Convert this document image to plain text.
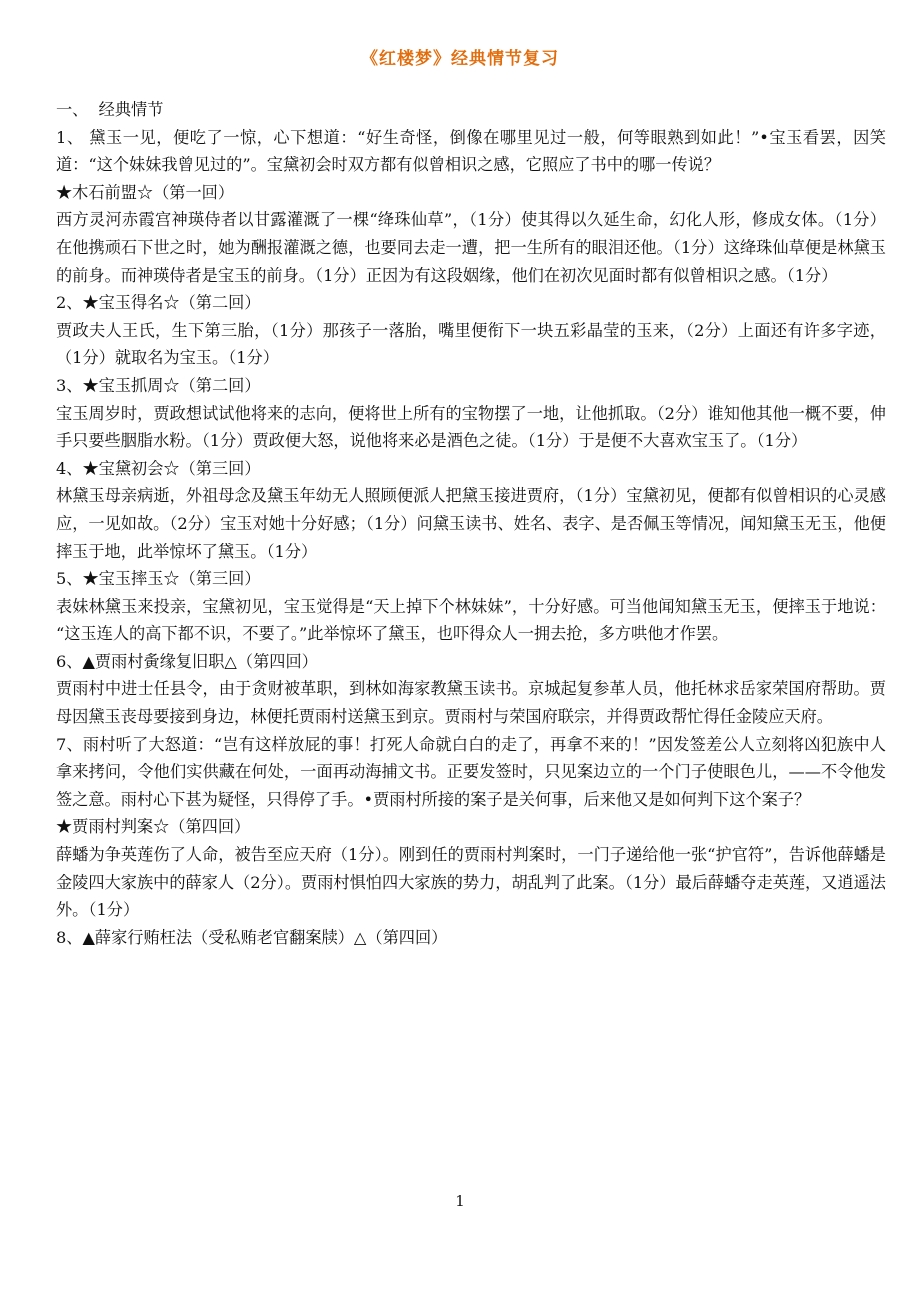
《红楼梦》经典情节复习

一、  经典情节

1、 黛玉一见，便吃了一惊，心下想道：“好生奇怪，倒像在哪里见过一般，何等眼熟到如此！”•宝玉看罢，因笑道：“这个妹妹我曾见过的”。宝黛初会时双方都有似曾相识之感，它照应了书中的哪一传说？

★木石前盟☆（第一回）

西方灵河赤霞宫神瑛侍者以甘露灌溉了一棵“绛珠仙草”，（1分）使其得以久延生命，幻化人形，修成女体。（1分）在他携顽石下世之时，她为酬报灌溉之德，也要同去走一遭，把一生所有的眼泪还他。（1分）这绛珠仙草便是林黛玉的前身。而神瑛侍者是宝玉的前身。（1分）正因为有这段姻缘，他们在初次见面时都有似曾相识之感。（1分）

2、★宝玉得名☆（第二回）

贾政夫人王氏，生下第三胎，（1分）那孩子一落胎，嘴里便衔下一块五彩晶莹的玉来，（2分）上面还有许多字迹，（1分）就取名为宝玉。（1分）

3、★宝玉抓周☆（第二回）

宝玉周岁时，贾政想试试他将来的志向，便将世上所有的宝物摆了一地，让他抓取。（2分）谁知他其他一概不要，伸手只要些胭脂水粉。（1分）贾政便大怒，说他将来必是酒色之徒。（1分）于是便不大喜欢宝玉了。（1分）

4、★宝黛初会☆（第三回）

林黛玉母亲病逝，外祖母念及黛玉年幼无人照顾便派人把黛玉接进贾府，（1分）宝黛初见，便都有似曾相识的心灵感应，一见如故。（2分）宝玉对她十分好感；（1分）问黛玉读书、姓名、表字、是否佩玉等情况，闻知黛玉无玉，他便摔玉于地，此举惊坏了黛玉。（1分）

5、★宝玉摔玉☆（第三回）

表妹林黛玉来投亲，宝黛初见，宝玉觉得是“天上掉下个林妹妹”，十分好感。可当他闻知黛玉无玉，便摔玉于地说： “这玉连人的高下都不识，不要了。”此举惊坏了黛玉，也吓得众人一拥去抢，多方哄他才作罢。

6、▲贾雨村夤缘复旧职△（第四回）

贾雨村中进士任县令，由于贪财被革职，到林如海家教黛玉读书。京城起复参革人员，他托林求岳家荣国府帮助。贾母因黛玉丧母要接到身边，林便托贾雨村送黛玉到京。贾雨村与荣国府联宗，并得贾政帮忙得任金陵应天府。

7、雨村听了大怒道：“岂有这样放屁的事！打死人命就白白的走了，再拿不来的！”因发签差公人立刻将凶犯族中人拿来拷问，令他们实供藏在何处，一面再动海捕文书。正要发签时，只见案边立的一个门子使眼色儿，——不令他发签之意。雨村心下甚为疑怪，只得停了手。•贾雨村所接的案子是关何事，后来他又是如何判下这个案子？

★贾雨村判案☆（第四回）

薛蟠为争英莲伤了人命，被告至应天府（1分）。刚到任的贾雨村判案时，一门子递给他一张“护官符”，告诉他薛蟠是金陵四大家族中的薛家人（2分）。贾雨村惧怕四大家族的势力，胡乱判了此案。（1分）最后薛蟠夺走英莲，又逍遥法外。（1分）

8、▲薛家行贿枉法（受私贿老官翻案牍）△（第四回）

1
